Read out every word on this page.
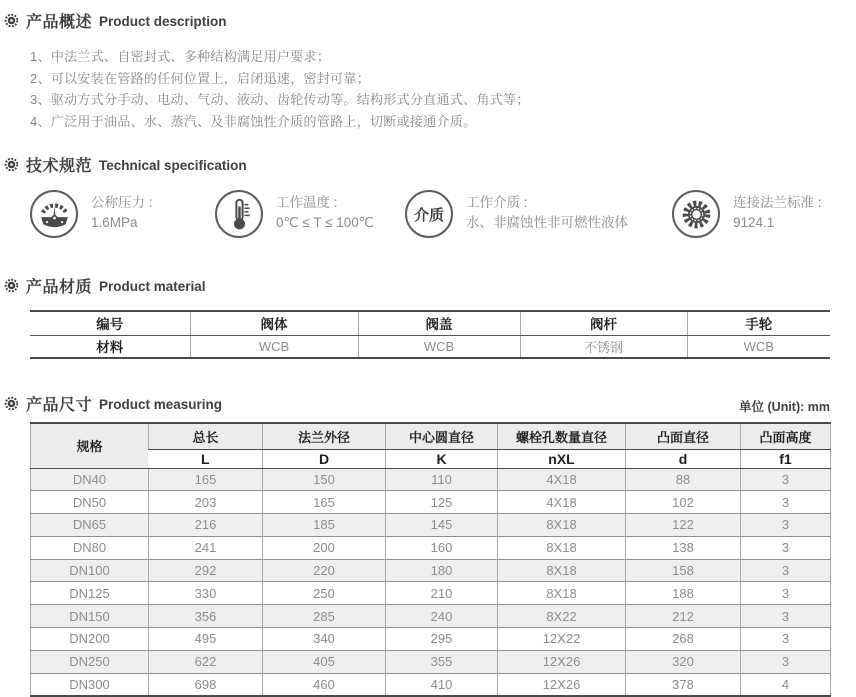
产品概述 Product description
1、中法兰式、自密封式、多种结构满足用户要求；
2、可以安装在管路的任何位置上，启闭迅速，密封可靠；
3、驱动方式分手动、电动、气动、液动、齿轮传动等。结构形式分直通式、角式等；
4、广泛用于油品、水、蒸汽、及非腐蚀性介质的管路上，切断或接通介质。
技术规范 Technical specification
公称压力 :
1.6MPa
工作温度 :
0℃ ≤ T ≤ 100℃	介质
工作介质 :
水、非腐蚀性非可燃性液体
连接法兰标准 :
9124.1
产品材质 Product material
编号	阀体	阀盖	阀杆	手轮
材料	WCB	WCB	不锈钢	WCB
产品尺寸 Product measuring	单位 (Unit): mm
规格	总长	法兰外径	中心圆直径	螺栓孔数量直径	凸面直径	凸面高度
	L	D	K	nXL	d	f1
DN40	165	150	110	4X18	88	3
DN50	203	165	125	4X18	102	3
DN65	216	185	145	8X18	122	3
DN80	241	200	160	8X18	138	3
DN100	292	220	180	8X18	158	3
DN125	330	250	210	8X18	188	3
DN150	356	285	240	8X22	212	3
DN200	495	340	295	12X22	268	3
DN250	622	405	355	12X26	320	3
DN300	698	460	410	12X26	378	4
